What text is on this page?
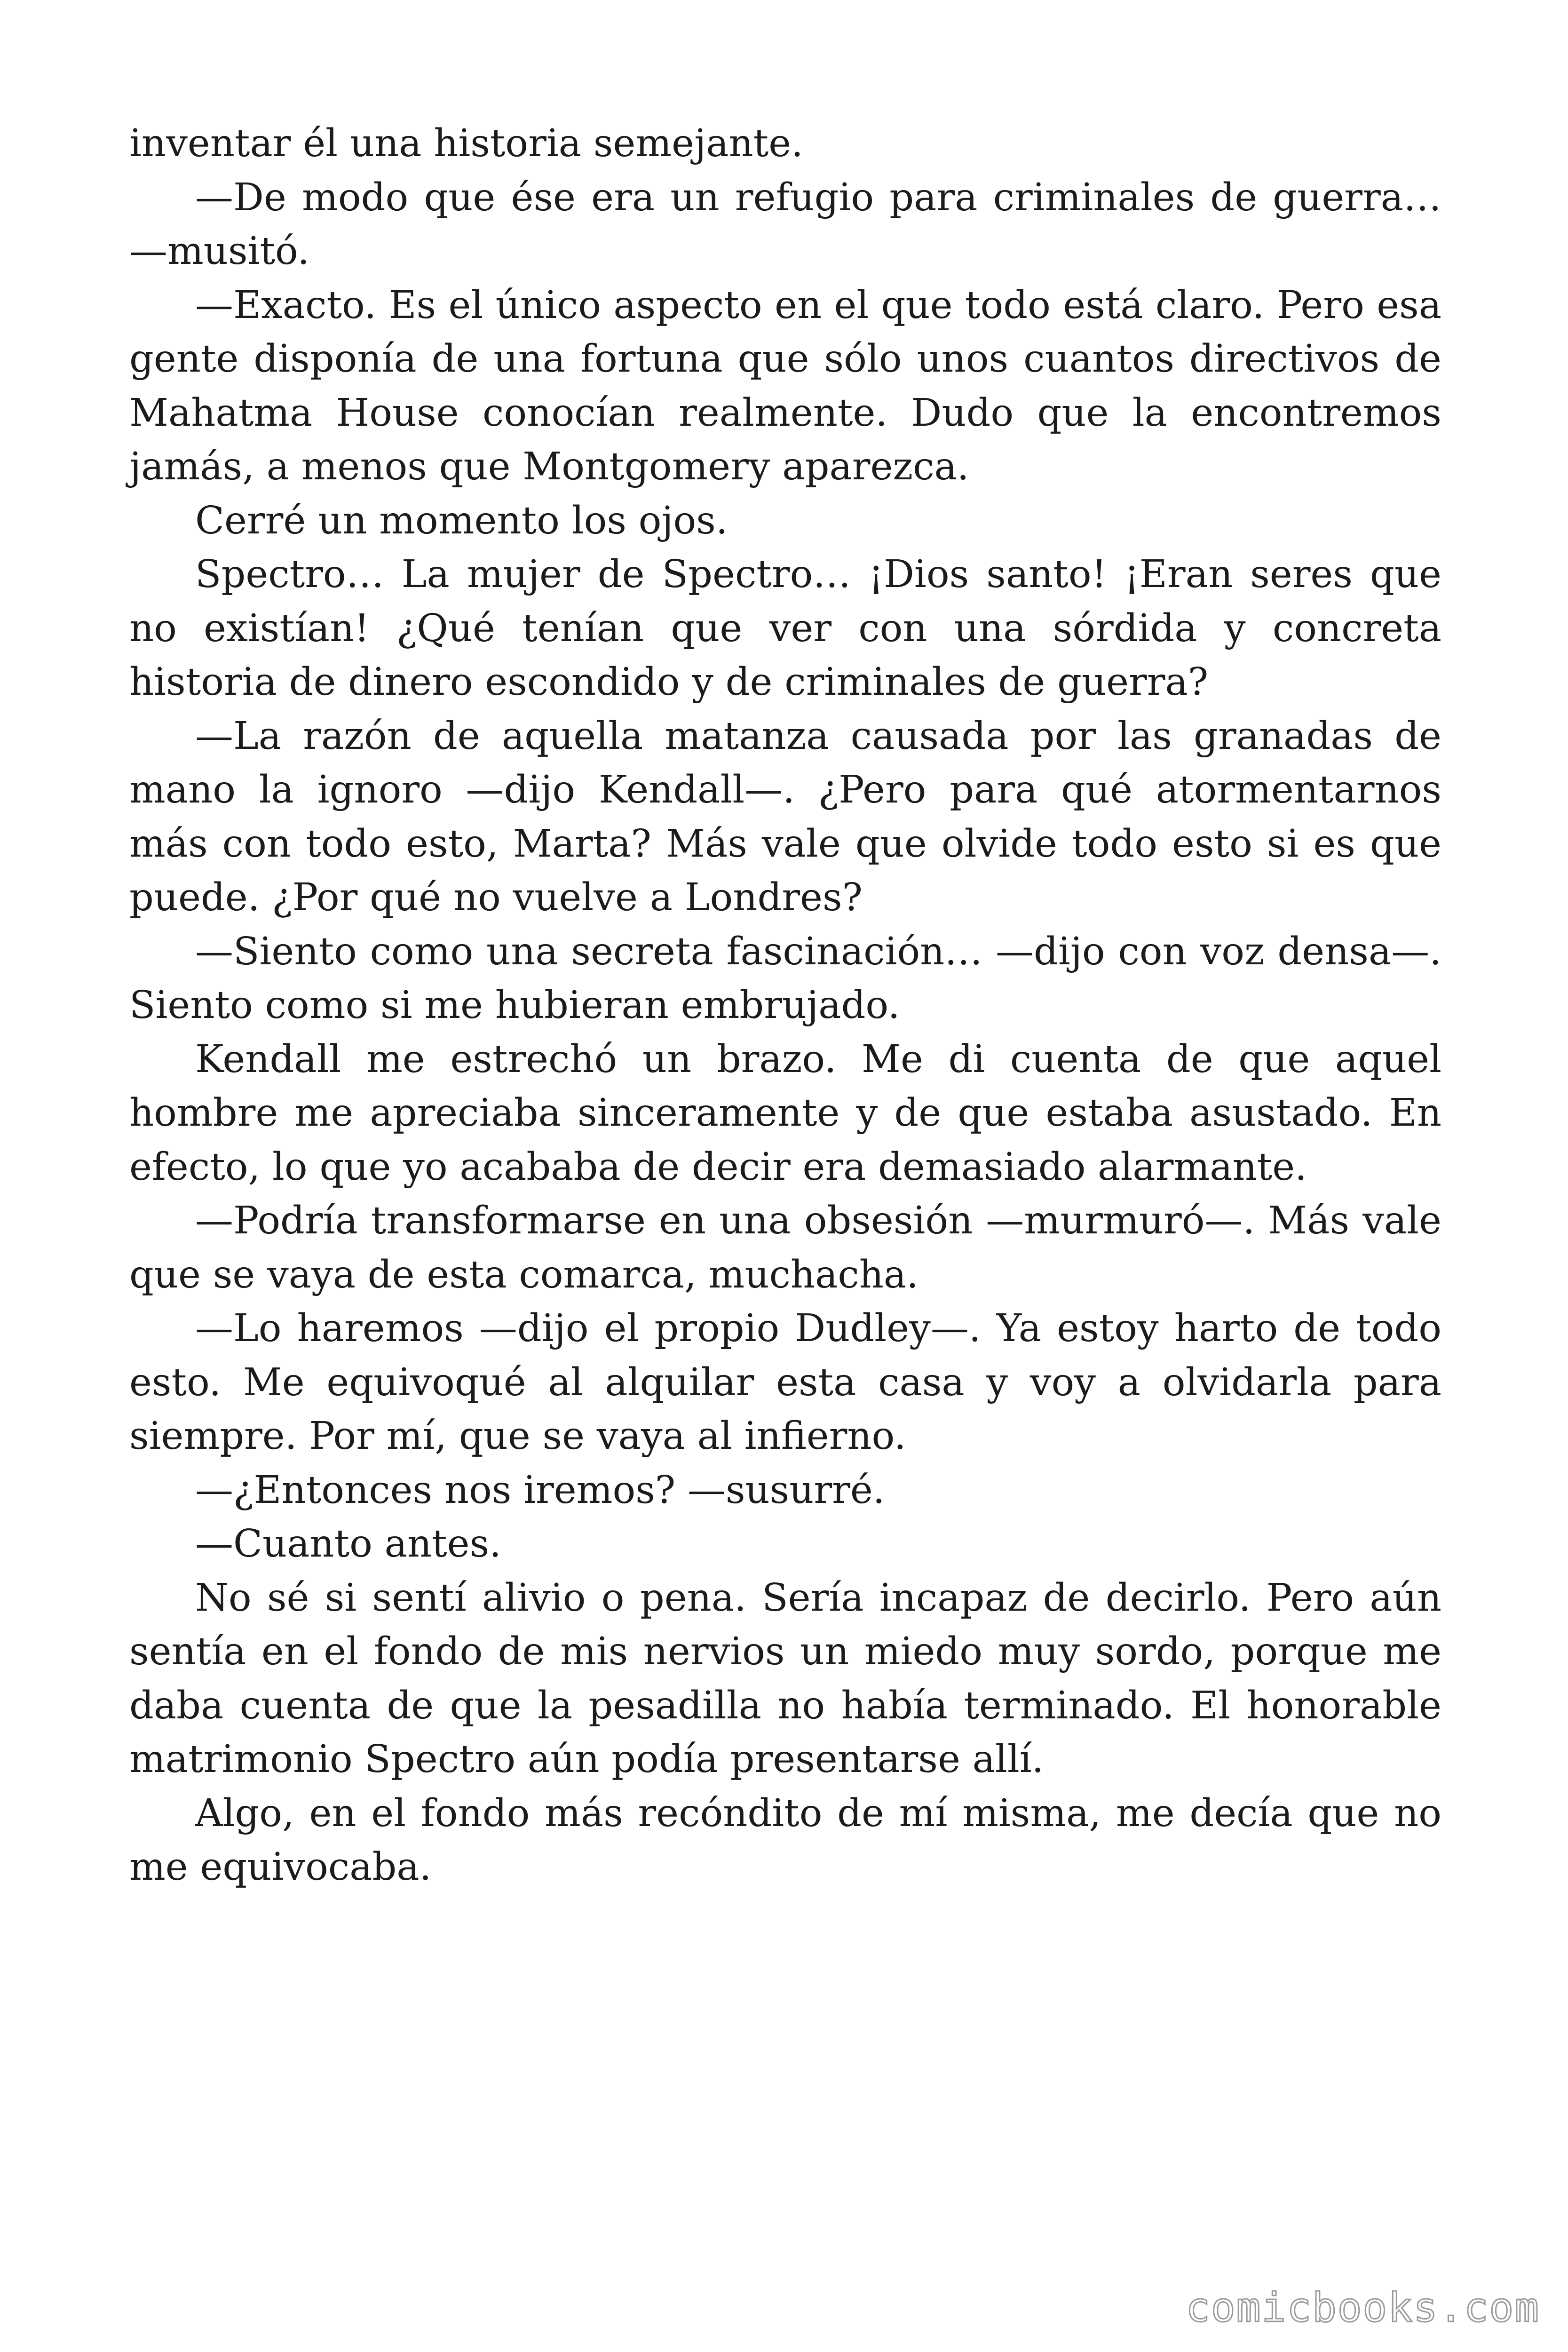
inventar él una historia semejante.

—De modo que ése era un refugio para criminales de guerra… —musitó.

—Exacto. Es el único aspecto en el que todo está claro. Pero esa gente disponía de una fortuna que sólo unos cuantos directivos de Mahatma House conocían realmente. Dudo que la encontremos jamás, a menos que Montgomery aparezca.

Cerré un momento los ojos.

Spectro… La mujer de Spectro… ¡Dios santo! ¡Eran seres que no existían! ¿Qué tenían que ver con una sórdida y concreta historia de dinero escondido y de criminales de guerra?

—La razón de aquella matanza causada por las granadas de mano la ignoro —dijo Kendall—. ¿Pero para qué atormentarnos más con todo esto, Marta? Más vale que olvide todo esto si es que puede. ¿Por qué no vuelve a Londres?

—Siento como una secreta fascinación… —dijo con voz densa—. Siento como si me hubieran embrujado.

Kendall me estrechó un brazo. Me di cuenta de que aquel hombre me apreciaba sinceramente y de que estaba asustado. En efecto, lo que yo acababa de decir era demasiado alarmante.

—Podría transformarse en una obsesión —murmuró—. Más vale que se vaya de esta comarca, muchacha.

—Lo haremos —dijo el propio Dudley—. Ya estoy harto de todo esto. Me equivoqué al alquilar esta casa y voy a olvidarla para siempre. Por mí, que se vaya al infierno.

—¿Entonces nos iremos? —susurré.

—Cuanto antes.

No sé si sentí alivio o pena. Sería incapaz de decirlo. Pero aún sentía en el fondo de mis nervios un miedo muy sordo, porque me daba cuenta de que la pesadilla no había terminado. El honorable matrimonio Spectro aún podía presentarse allí.

Algo, en el fondo más recóndito de mí misma, me decía que no me equivocaba.

comicbooks.com
